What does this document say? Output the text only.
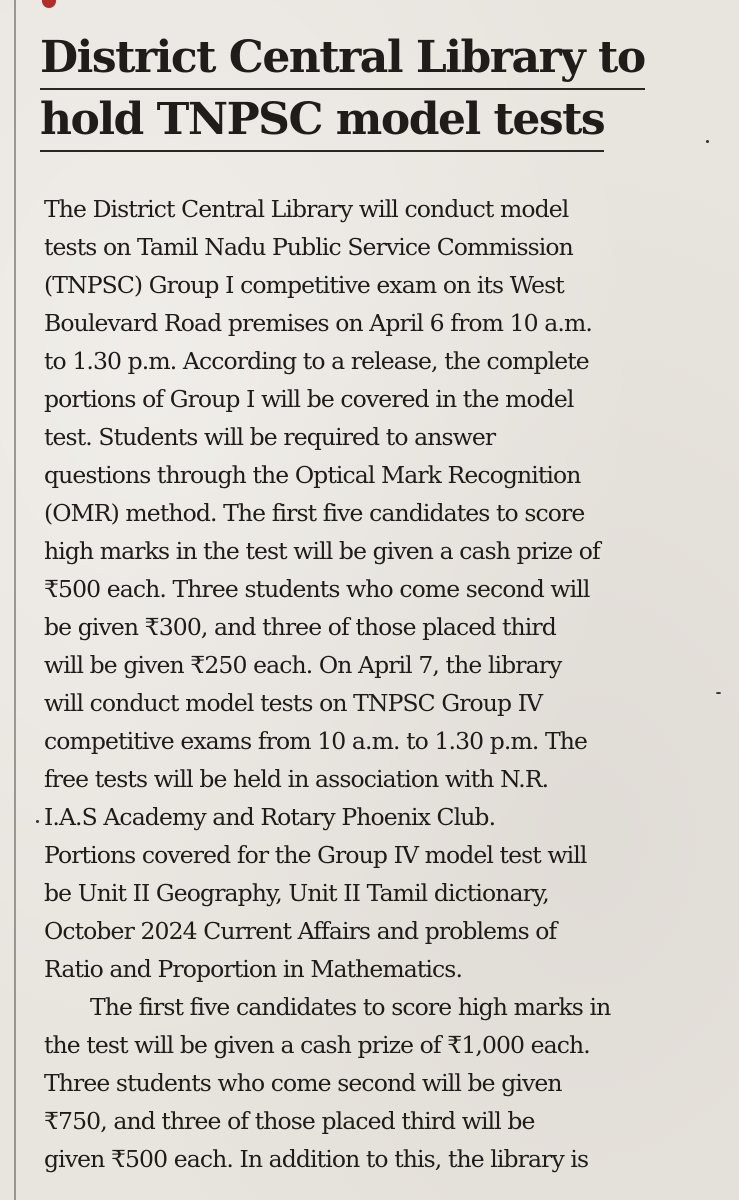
District Central Library to
hold TNPSC model tests
The District Central Library will conduct model
tests on Tamil Nadu Public Service Commission
(TNPSC) Group I competitive exam on its West
Boulevard Road premises on April 6 from 10 a.m.
to 1.30 p.m. According to a release, the complete
portions of Group I will be covered in the model
test. Students will be required to answer
questions through the Optical Mark Recognition
(OMR) method. The first five candidates to score
high marks in the test will be given a cash prize of
₹500 each. Three students who come second will
be given ₹300, and three of those placed third
will be given ₹250 each. On April 7, the library
will conduct model tests on TNPSC Group IV
competitive exams from 10 a.m. to 1.30 p.m. The
free tests will be held in association with N.R.
I.A.S Academy and Rotary Phoenix Club.
Portions covered for the Group IV model test will
be Unit II Geography, Unit II Tamil dictionary,
October 2024 Current Affairs and problems of
Ratio and Proportion in Mathematics.
The first five candidates to score high marks in
the test will be given a cash prize of ₹1,000 each.
Three students who come second will be given
₹750, and three of those placed third will be
given ₹500 each. In addition to this, the library is
